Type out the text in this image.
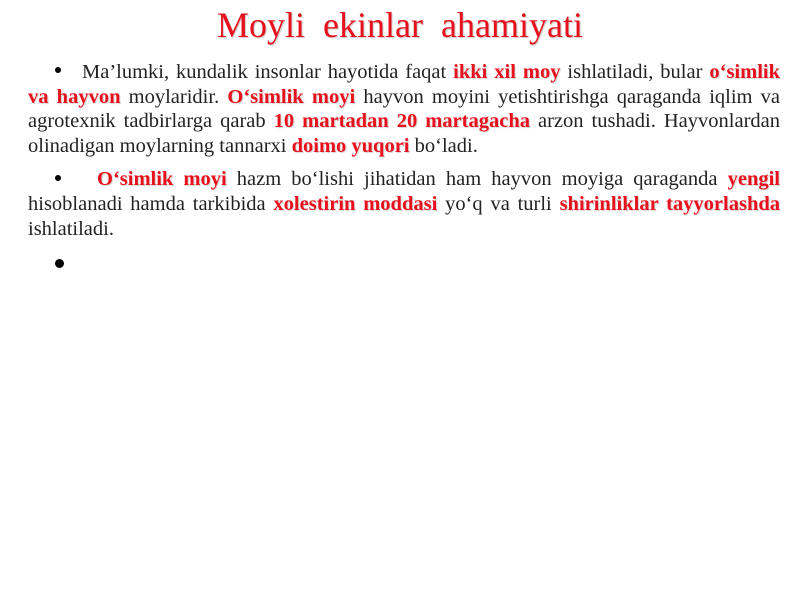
Moyli  ekinlar  ahamiyati
Ma’lumki, kundalik insonlar hayotida faqat ikki xil moy ishlatiladi, bular o‘simlik va hayvon moylaridir. O‘simlik moyi hayvon moyini yetishtirishga qaraganda iqlim va agrotexnik tadbirlarga qarab 10 martadan 20 martagacha arzon tushadi. Hayvonlardan olinadigan moylarning tannarxi doimo yuqori bo‘ladi.
O‘simlik moyi hazm bo‘lishi jihatidan ham hayvon moyiga qaraganda yengil hisoblanadi hamda tarkibida xolestirin moddasi yo‘q va turli shirinliklar tayyorlashda ishlatiladi.
